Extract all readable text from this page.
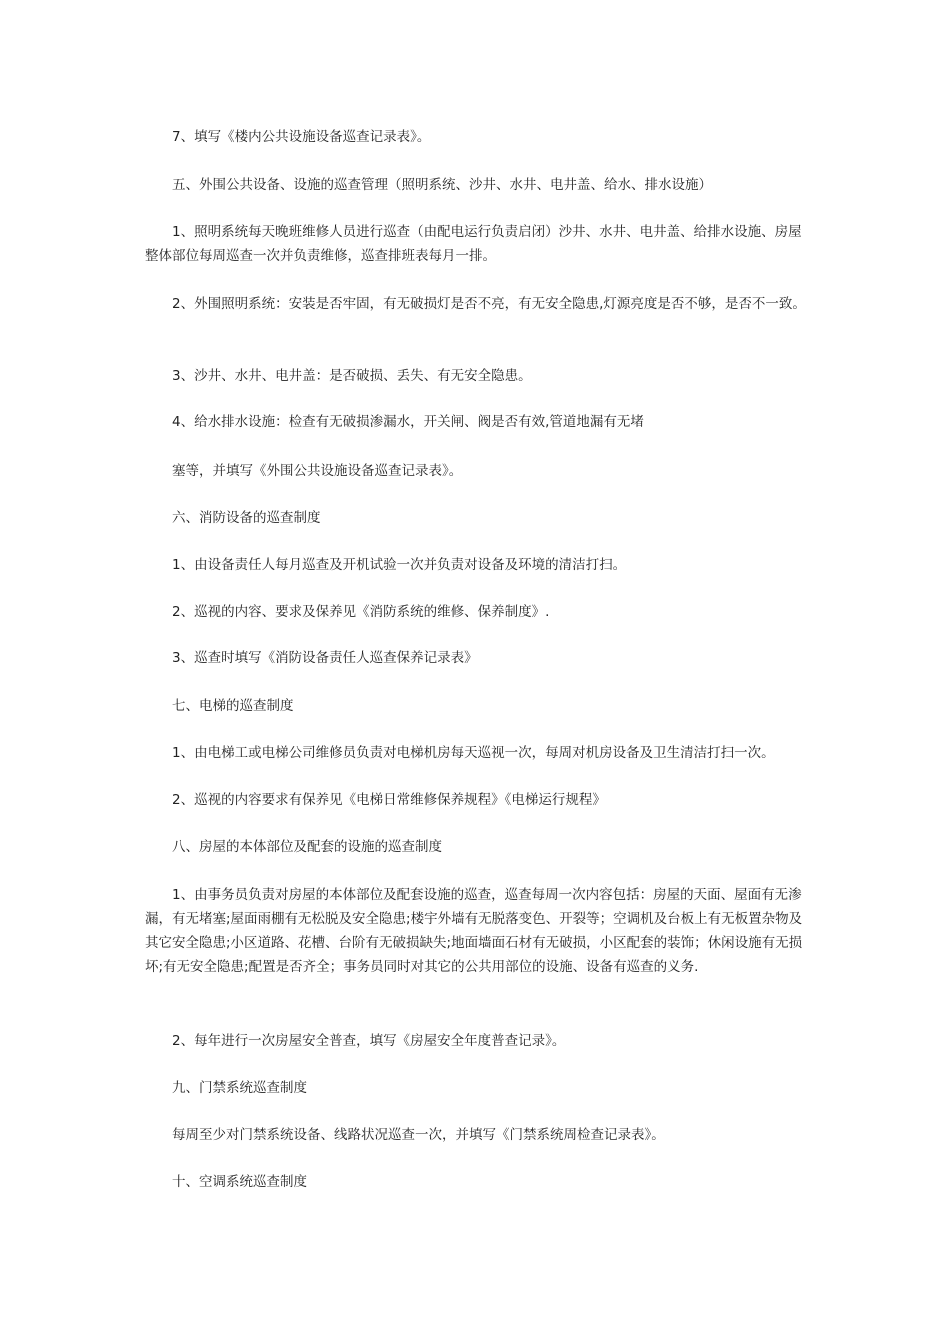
7、填写《楼内公共设施设备巡查记录表》。

五、外围公共设备、设施的巡查管理（照明系统、沙井、水井、电井盖、给水、排水设施）

1、照明系统每天晚班维修人员进行巡查（由配电运行负责启闭）沙井、水井、电井盖、给排水设施、房屋整体部位每周巡查一次并负责维修，巡查排班表每月一排。

2、外围照明系统：安装是否牢固，有无破损灯是否不亮，有无安全隐患,灯源亮度是否不够，是否不一致。

3、沙井、水井、电井盖：是否破损、丢失、有无安全隐患。

4、给水排水设施：检查有无破损渗漏水，开关闸、阀是否有效,管道地漏有无堵

塞等，并填写《外围公共设施设备巡查记录表》。

六、消防设备的巡查制度

1、由设备责任人每月巡查及开机试验一次并负责对设备及环境的清洁打扫。

2、巡视的内容、要求及保养见《消防系统的维修、保养制度》.

3、巡查时填写《消防设备责任人巡查保养记录表》

七、电梯的巡查制度

1、由电梯工或电梯公司维修员负责对电梯机房每天巡视一次，每周对机房设备及卫生清洁打扫一次。

2、巡视的内容要求有保养见《电梯日常维修保养规程》《电梯运行规程》

八、房屋的本体部位及配套的设施的巡查制度

1、由事务员负责对房屋的本体部位及配套设施的巡查，巡查每周一次内容包括：房屋的天面、屋面有无渗漏，有无堵塞;屋面雨棚有无松脱及安全隐患;楼宇外墙有无脱落变色、开裂等；空调机及台板上有无板置杂物及其它安全隐患;小区道路、花槽、台阶有无破损缺失;地面墙面石材有无破损，小区配套的装饰；休闲设施有无损坏;有无安全隐患;配置是否齐全；事务员同时对其它的公共用部位的设施、设备有巡查的义务.

2、每年进行一次房屋安全普查，填写《房屋安全年度普查记录》。

九、门禁系统巡查制度

每周至少对门禁系统设备、线路状况巡查一次，并填写《门禁系统周检查记录表》。

十、空调系统巡查制度
